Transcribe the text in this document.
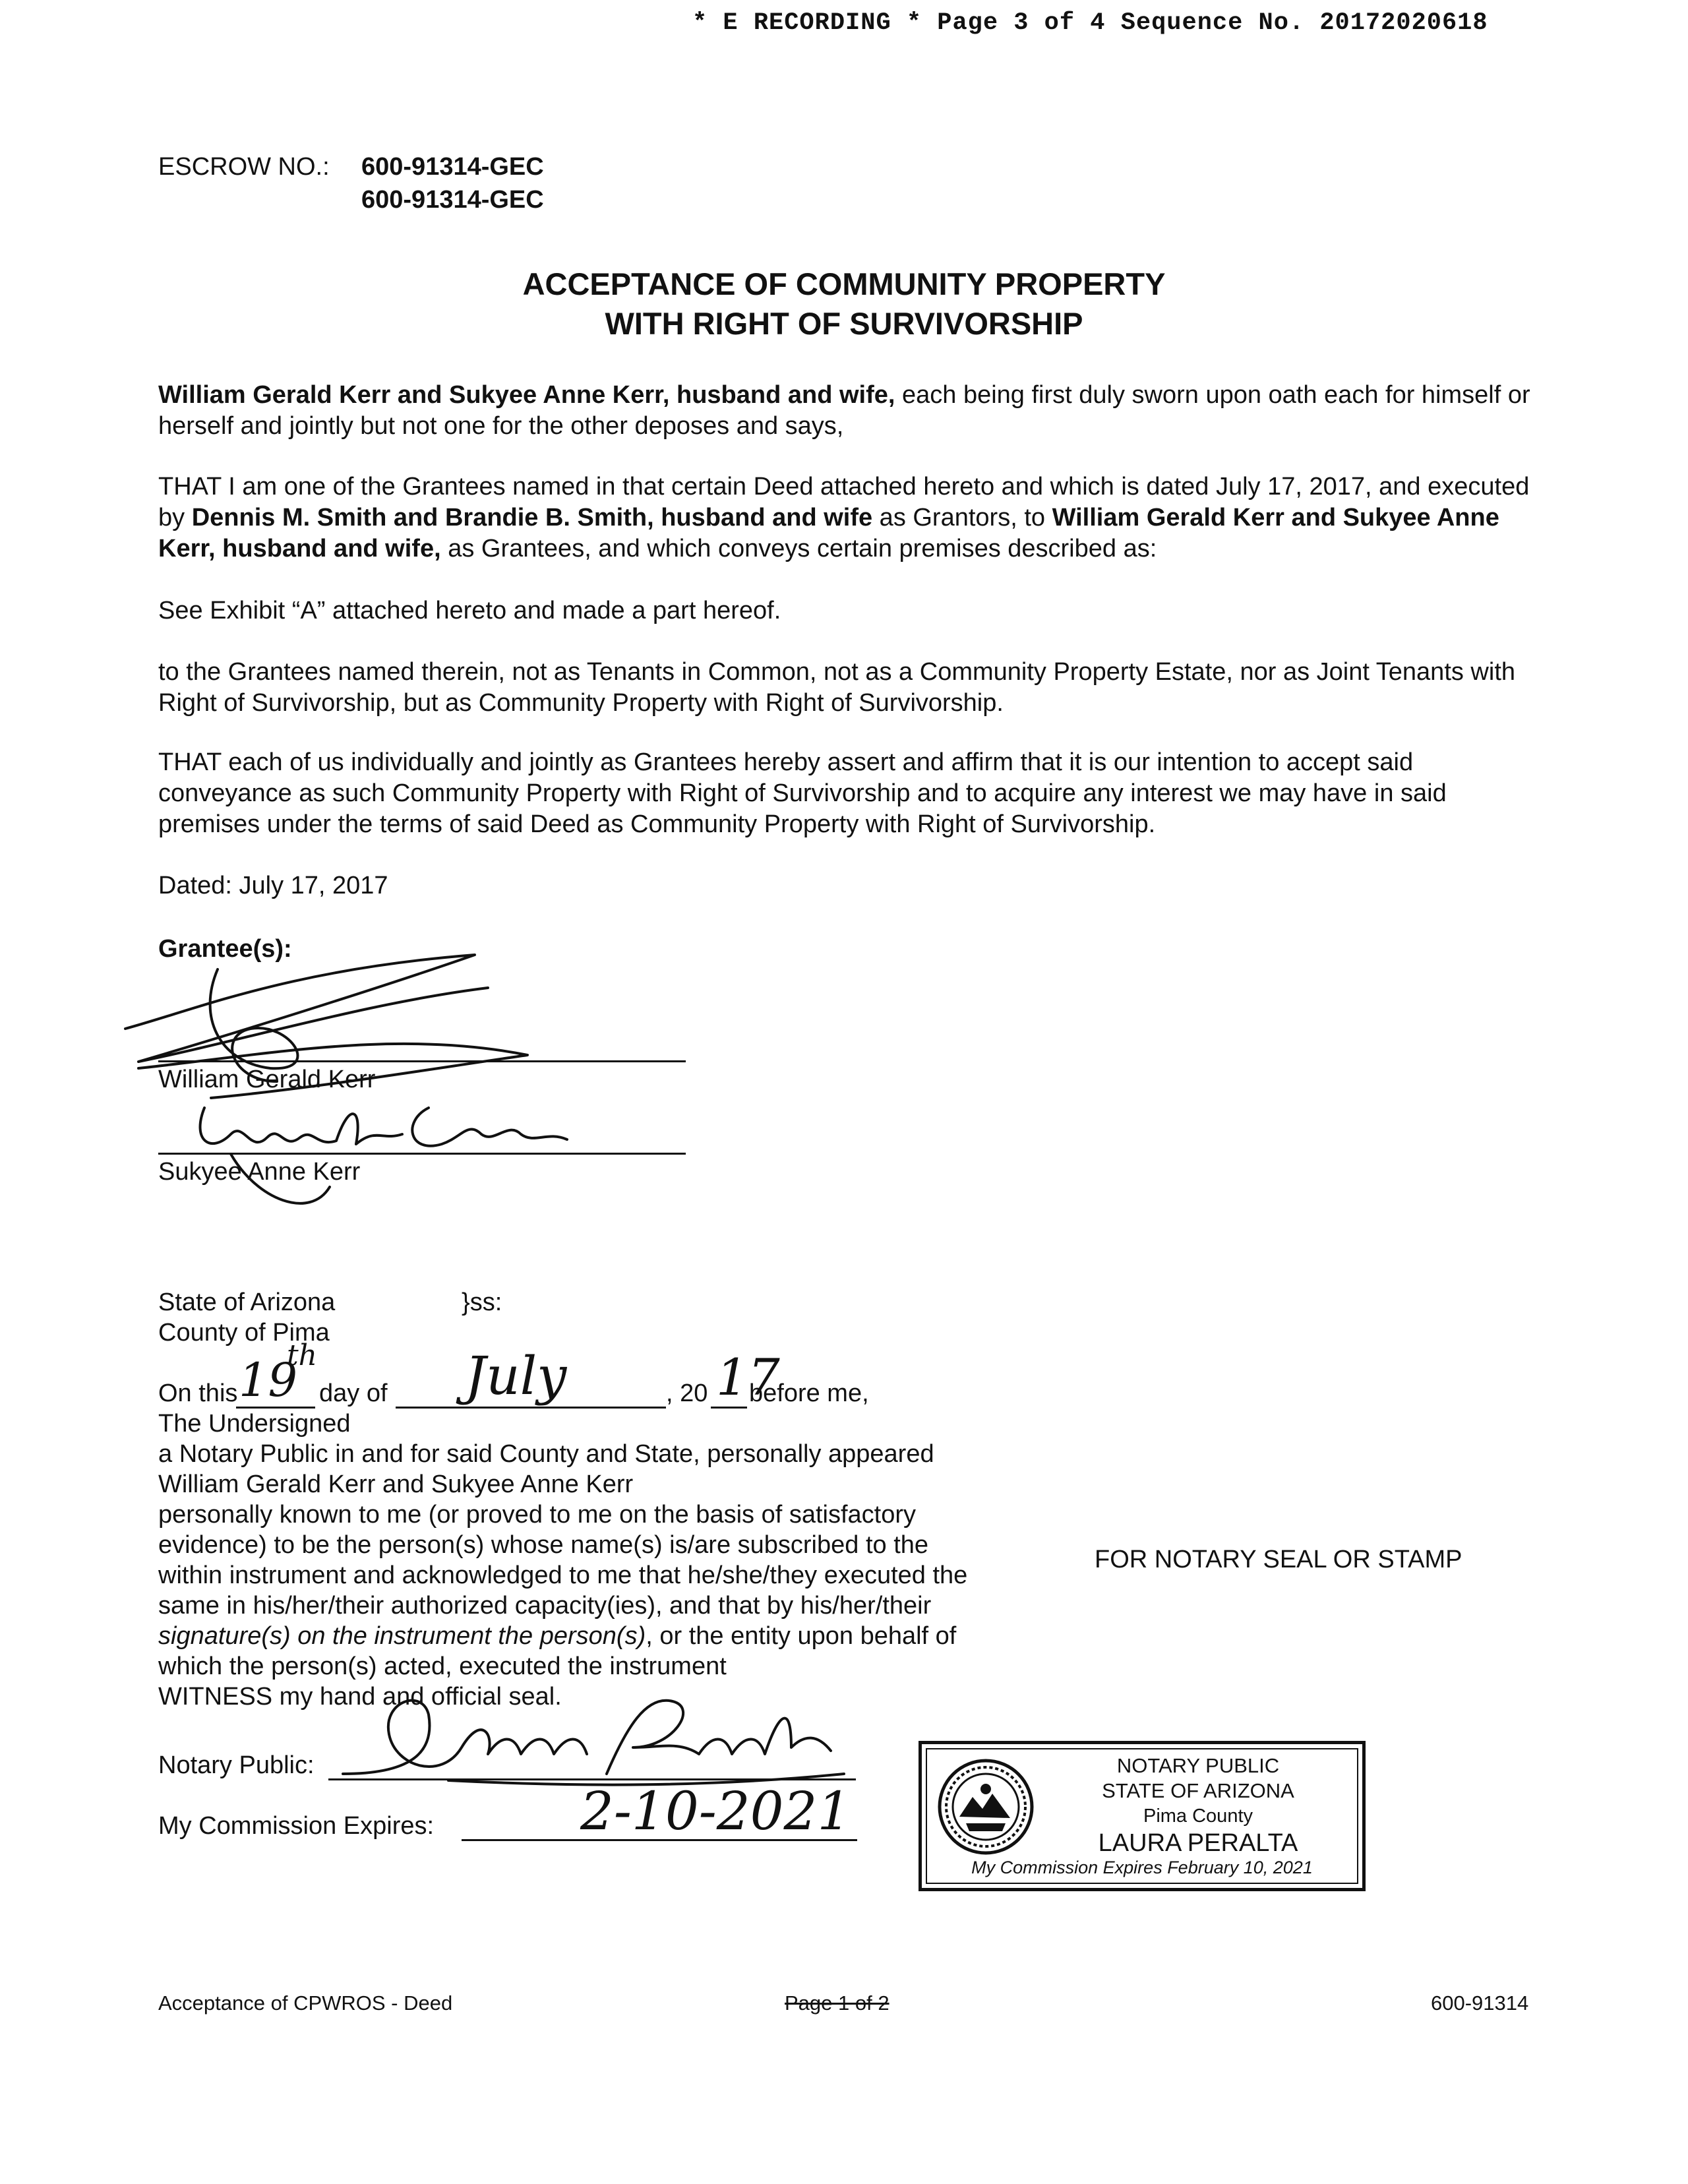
* E RECORDING * Page 3 of 4 Sequence No. 20172020618
ESCROW NO.: 600-91314-GEC
600-91314-GEC
ACCEPTANCE OF COMMUNITY PROPERTY
WITH RIGHT OF SURVIVORSHIP
William Gerald Kerr and Sukyee Anne Kerr, husband and wife, each being first duly sworn upon oath each for himself or herself and jointly but not one for the other deposes and says,
THAT I am one of the Grantees named in that certain Deed attached hereto and which is dated July 17, 2017, and executed by Dennis M. Smith and Brandie B. Smith, husband and wife as Grantors, to William Gerald Kerr and Sukyee Anne Kerr, husband and wife, as Grantees, and which conveys certain premises described as:
See Exhibit “A” attached hereto and made a part hereof.
to the Grantees named therein, not as Tenants in Common, not as a Community Property Estate, nor as Joint Tenants with Right of Survivorship, but as Community Property with Right of Survivorship.
THAT each of us individually and jointly as Grantees hereby assert and affirm that it is our intention to accept said conveyance as such Community Property with Right of Survivorship and to acquire any interest we may have in said premises under the terms of said Deed as Community Property with Right of Survivorship.
Dated: July 17, 2017
Grantee(s):
William Gerald Kerr
Sukyee Anne Kerr
State of Arizona	}ss:
County of Pima
On this 19
th
day of July	, 20 17
before me,
The Undersigned
a Notary Public in and for said County and State, personally appeared
William Gerald Kerr and Sukyee Anne Kerr
personally known to me (or proved to me on the basis of satisfactory
evidence) to be the person(s) whose name(s) is/are subscribed to the
within instrument and acknowledged to me that he/she/they executed the
same in his/her/their authorized capacity(ies), and that by his/her/their
signature(s) on the instrument the person(s), or the entity upon behalf of
which the person(s) acted, executed the instrument
WITNESS my hand and official seal.
FOR NOTARY SEAL OR STAMP
Notary Public:
My Commission Expires:	2-10-2021
NOTARY PUBLIC
STATE OF ARIZONA
Pima County
LAURA PERALTA
My Commission Expires February 10, 2021
Acceptance of CPWROS - Deed	Page 1 of 2	600-91314
